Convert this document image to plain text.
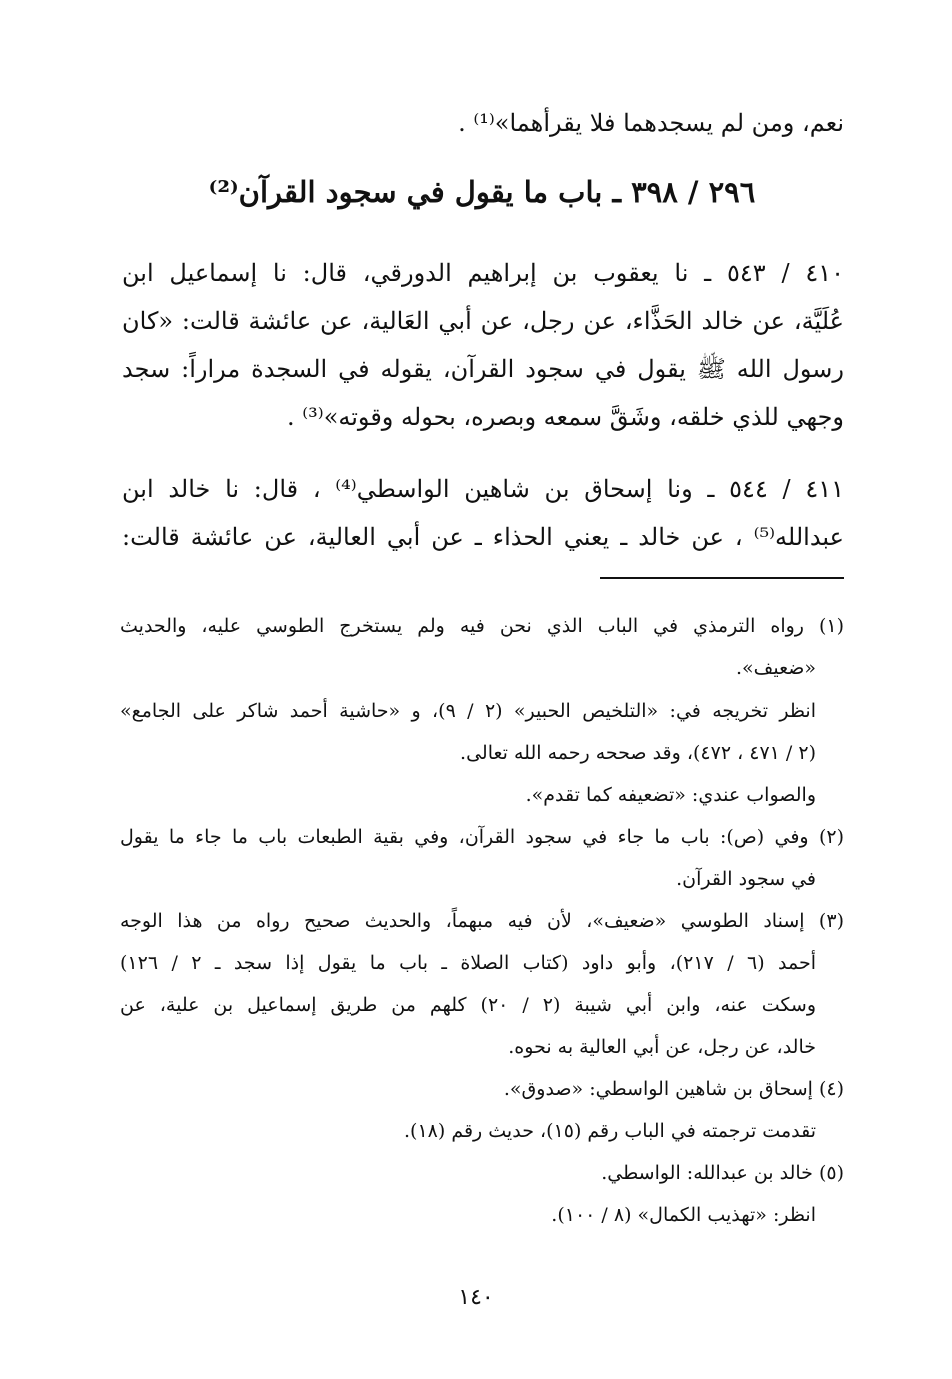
نعم، ومن لم يسجدهما فلا يقرأهما»⁽¹⁾ .
٢٩٦ / ٣٩٨ ـ باب ما يقول في سجود القرآن⁽²⁾
٤١٠ / ٥٤٣ ـ نا يعقوب بن إبراهيم الدورقي، قال: نا إسماعيل ابن
عُلَيَّة، عن خالد الحَذَّاء، عن رجل، عن أبي العَالية، عن عائشة قالت: «كان
رسول الله ﷺ يقول في سجود القرآن، يقوله في السجدة مراراً: سجد
وجهي للذي خلقه، وشَقَّ سمعه وبصره، بحوله وقوته»⁽³⁾ .
٤١١ / ٥٤٤ ـ ونا إسحاق بن شاهين الواسطي⁽⁴⁾ ، قال: نا خالد ابن
عبدالله⁽⁵⁾ ، عن خالد ـ يعني الحذاء ـ عن أبي العالية، عن عائشة قالت:
(١) رواه الترمذي في الباب الذي نحن فيه ولم يستخرج الطوسي عليه، والحديث
«ضعيف».
انظر تخريجه في: «التلخيص الحبير» (٢ / ٩)، و «حاشية أحمد شاكر على الجامع»
(٢ / ٤٧١ ، ٤٧٢)، وقد صححه رحمه الله تعالى.
والصواب عندي: «تضعيفه كما تقدم».
(٢) وفي (ص): باب ما جاء في سجود القرآن، وفي بقية الطبعات باب ما جاء ما يقول
في سجود القرآن.
(٣) إسناد الطوسي «ضعيف»، لأن فيه مبهماً، والحديث صحيح رواه من هذا الوجه
أحمد (٦ / ٢١٧)، وأبو داود (كتاب الصلاة ـ باب ما يقول إذا سجد ـ ٢ / ١٢٦)
وسكت عنه، وابن أبي شيبة (٢ / ٢٠) كلهم من طريق إسماعيل بن علية، عن
خالد، عن رجل، عن أبي العالية به نحوه.
(٤) إسحاق بن شاهين الواسطي: «صدوق».
تقدمت ترجمته في الباب رقم (١٥)، حديث رقم (١٨).
(٥) خالد بن عبدالله: الواسطي.
انظر: «تهذيب الكمال» (٨ / ١٠٠).
١٤٠
